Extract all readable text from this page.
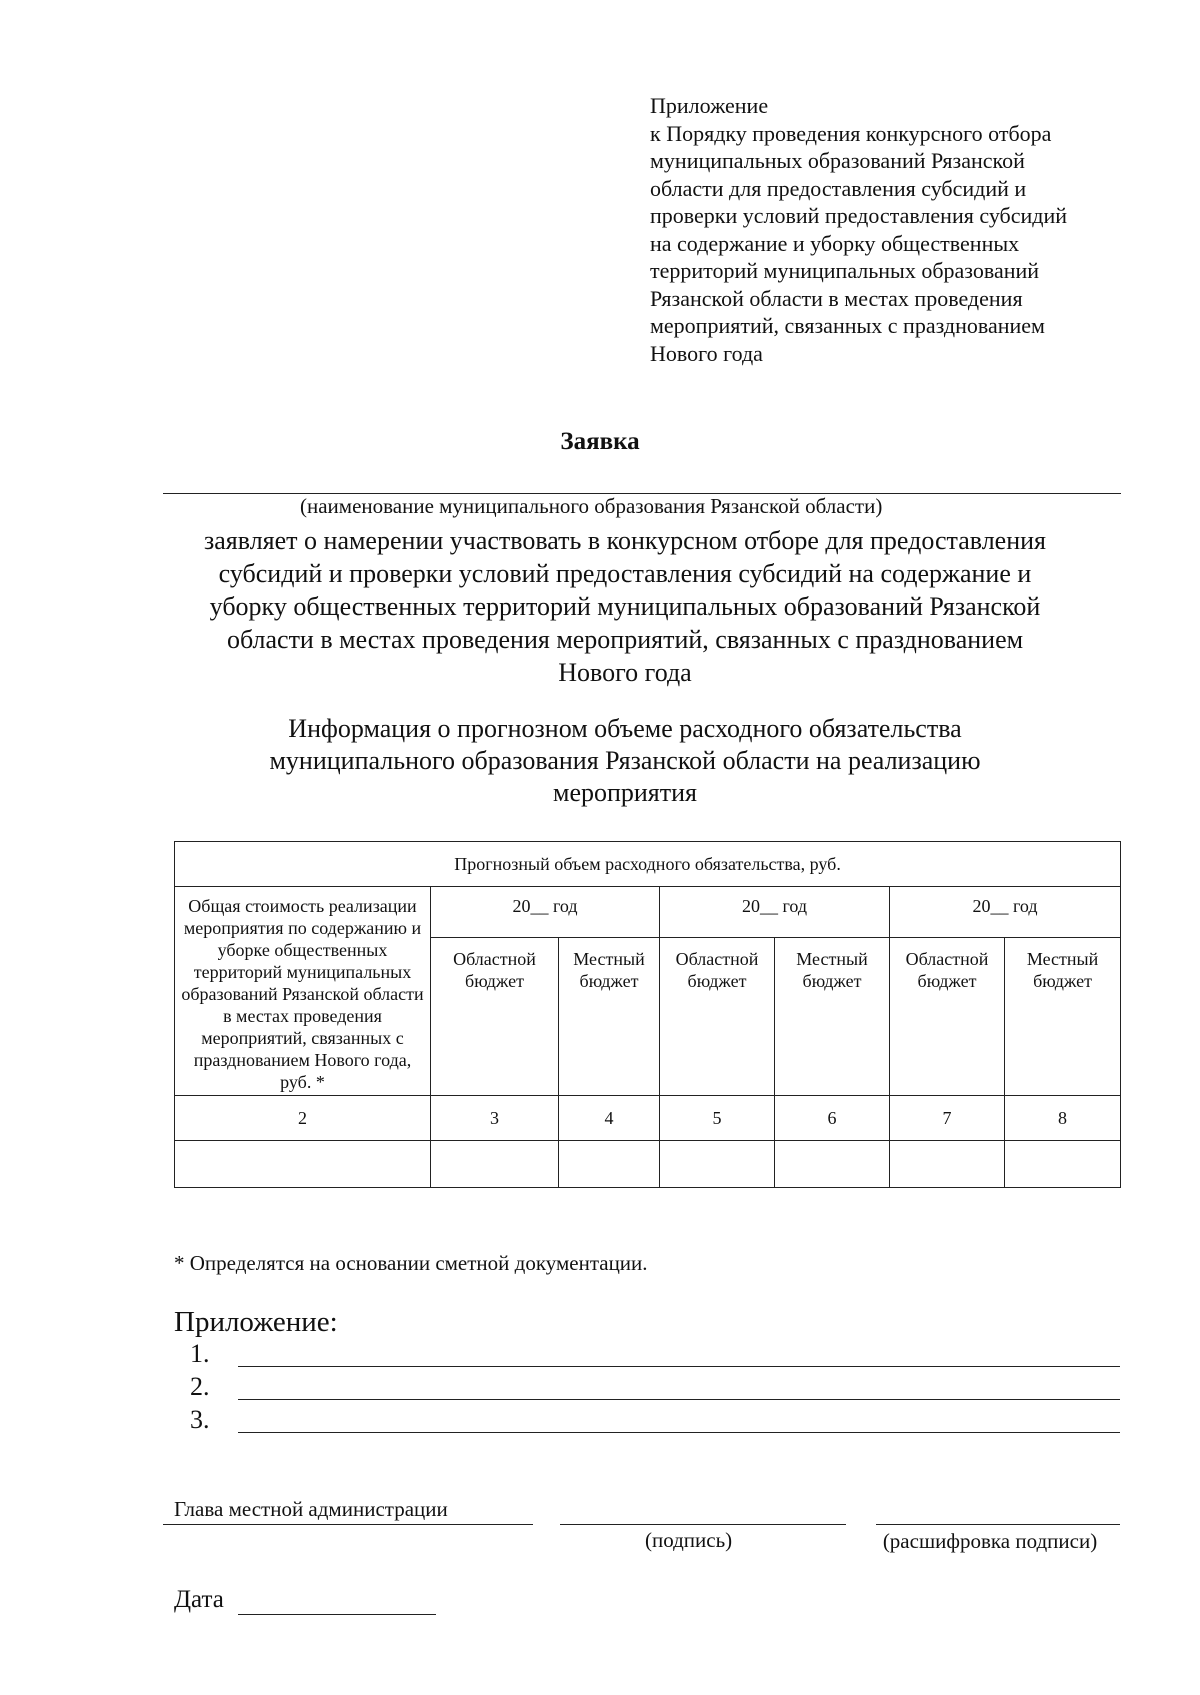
Приложение
к Порядку проведения конкурсного отбора
муниципальных образований Рязанской
области для предоставления субсидий и
проверки условий предоставления субсидий
на содержание и уборку общественных
территорий муниципальных образований
Рязанской области в местах проведения
мероприятий, связанных с празднованием
Нового года
Заявка
(наименование муниципального образования Рязанской области)
заявляет о намерении участвовать в конкурсном отборе для предоставления
субсидий и проверки условий предоставления субсидий на содержание и
уборку общественных территорий муниципальных образований Рязанской
области в местах проведения мероприятий, связанных с празднованием
Нового года
Информация о прогнозном объеме расходного обязательства
муниципального образования Рязанской области на реализацию
мероприятия
Прогнозный объем расходного обязательства, руб.						
Общая стоимость реализации мероприятия по содержанию и уборке общественных территорий муниципальных образований Рязанской области в местах проведения мероприятий, связанных с празднованием Нового года, руб. *	20__ год		20__ год		20__ год	
	Областной бюджет	Местный бюджет	Областной бюджет	Местный бюджет	Областной бюджет	Местный бюджет
2	3	4	5	6	7	8

* Определятся на основании сметной документации.
Приложение:
1.
2.
3.
Глава местной администрации
(подпись)	(расшифровка подписи)
Дата
